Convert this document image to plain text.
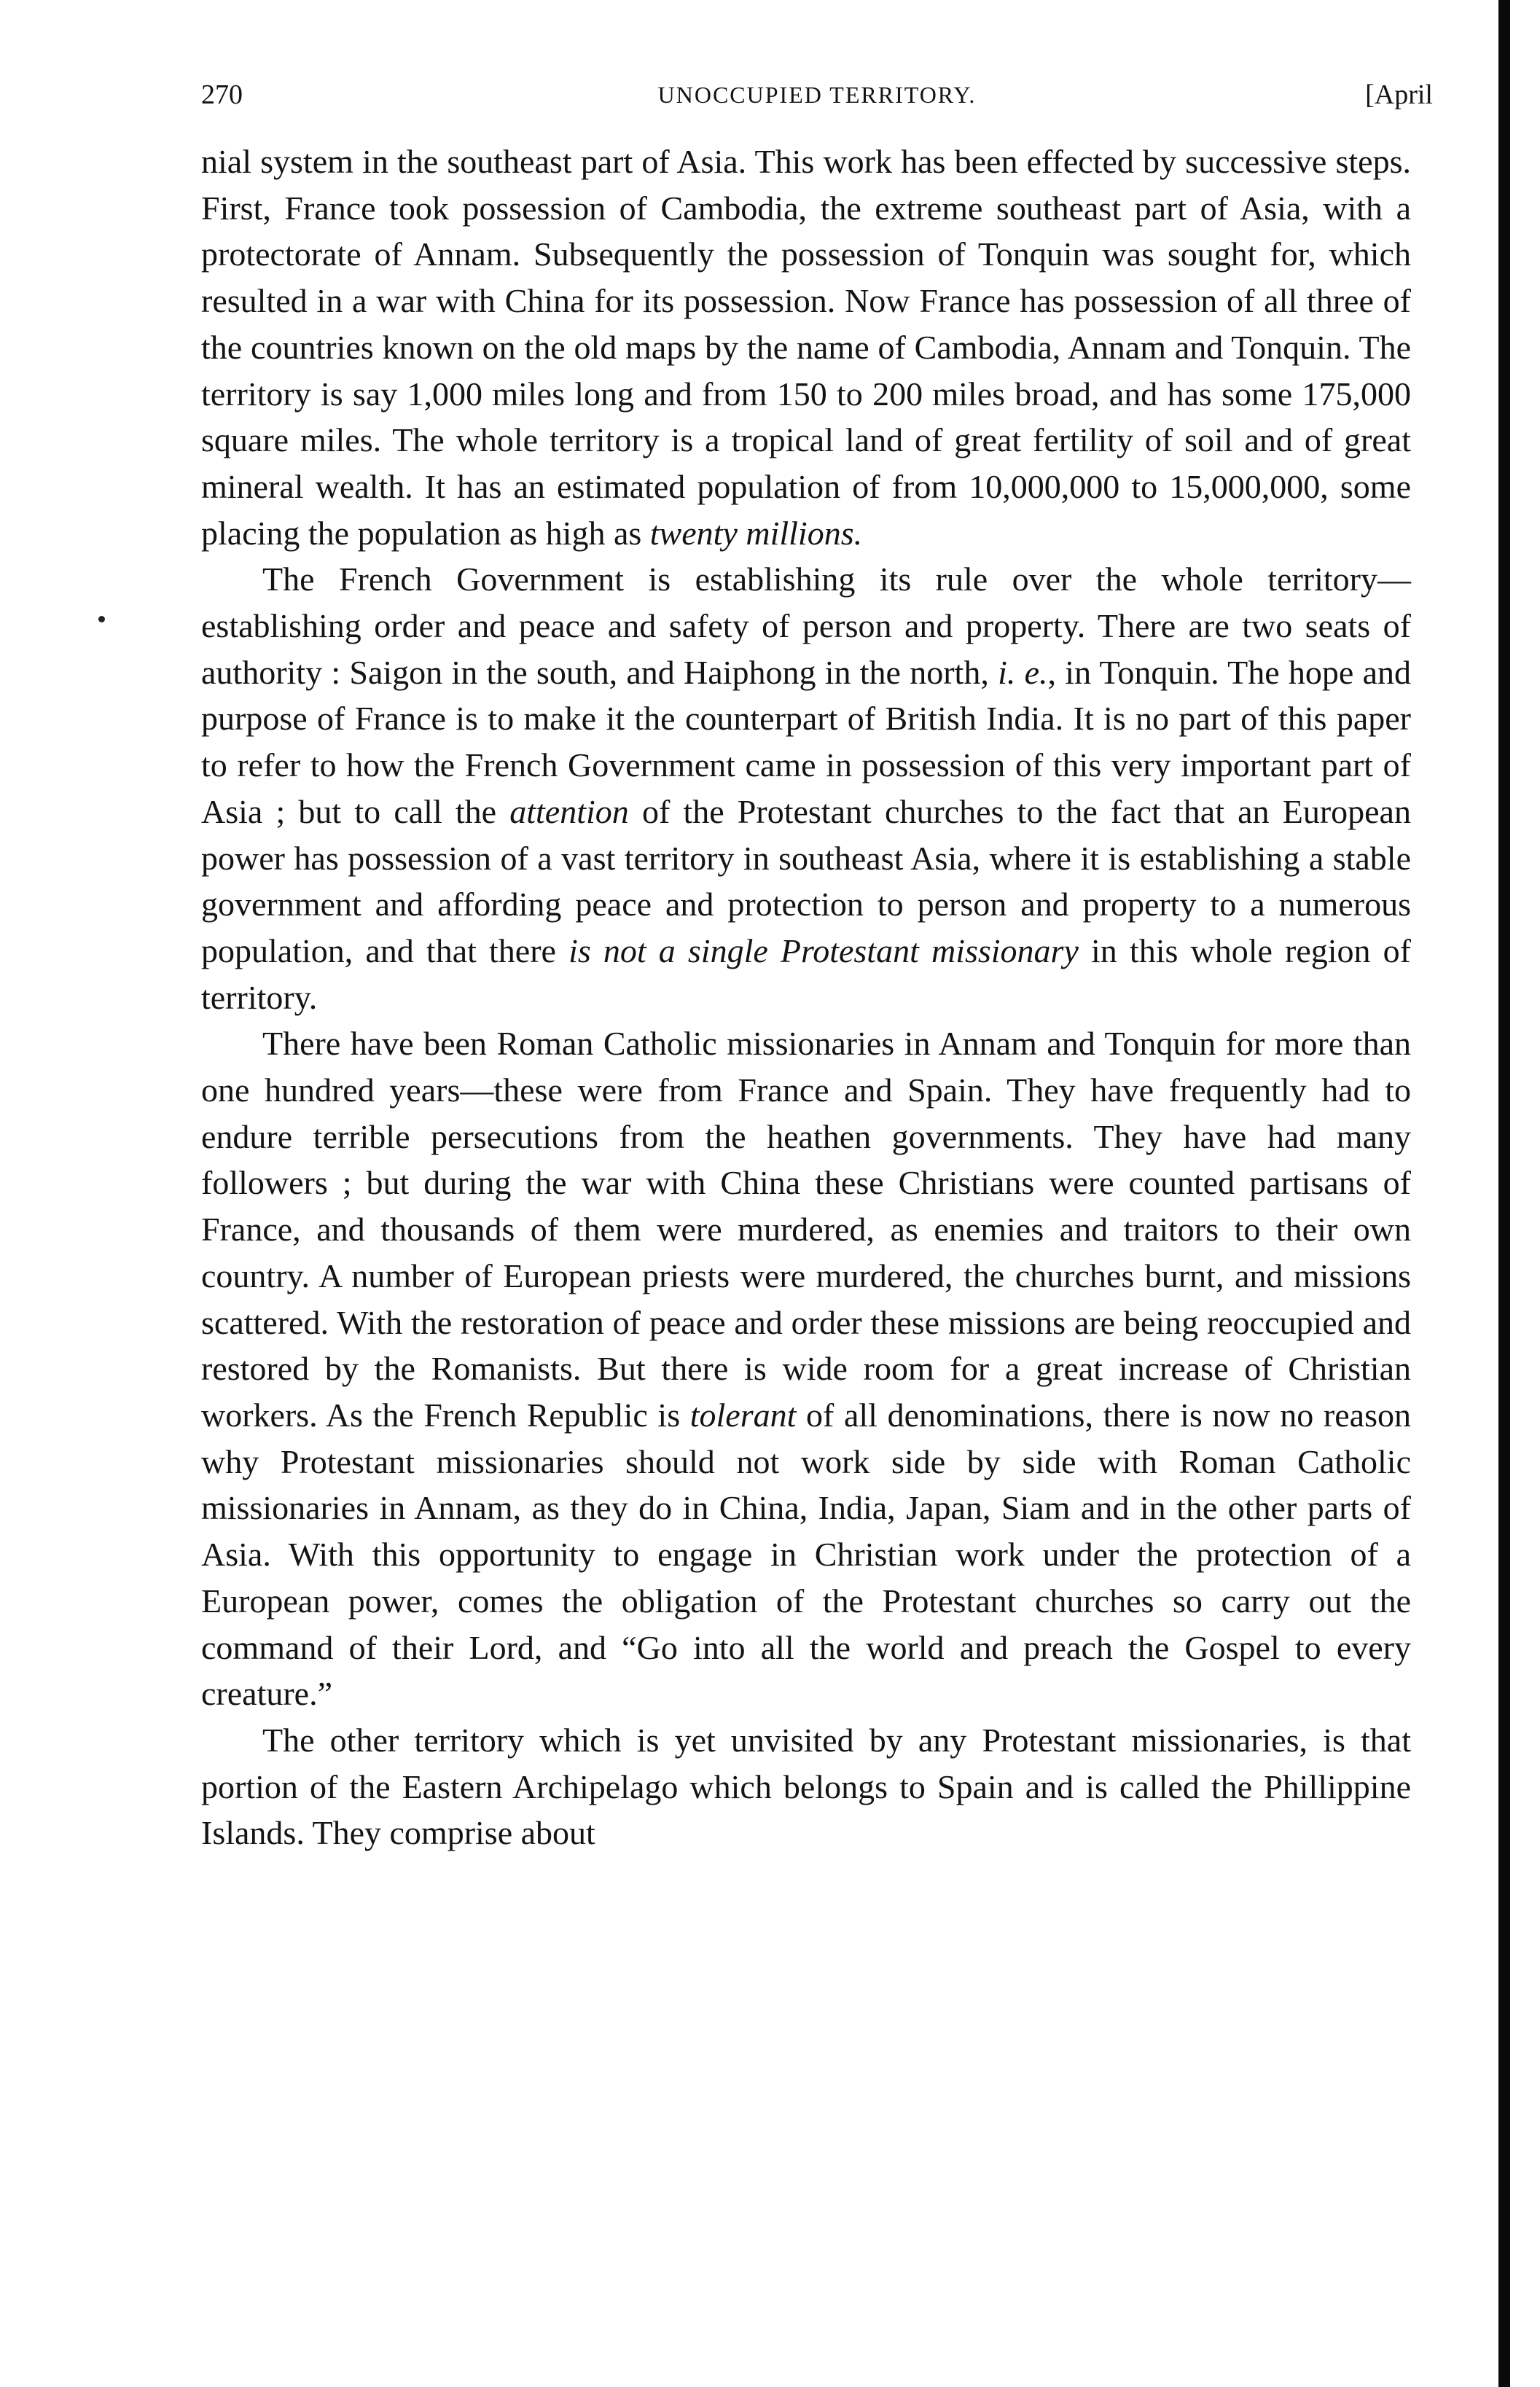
270	UNOCCUPIED TERRITORY.	[April

nial system in the southeast part of Asia. This work has been effected by successive steps. First, France took possession of Cambodia, the extreme southeast part of Asia, with a protectorate of Annam. Subsequently the possession of Tonquin was sought for, which resulted in a war with China for its possession. Now France has possession of all three of the countries known on the old maps by the name of Cambodia, Annam and Tonquin. The territory is say 1,000 miles long and from 150 to 200 miles broad, and has some 175,000 square miles. The whole territory is a tropical land of great fertility of soil and of great mineral wealth. It has an estimated population of from 10,000,000 to 15,000,000, some placing the population as high as twenty millions.

The French Government is establishing its rule over the whole territory—establishing order and peace and safety of person and property. There are two seats of authority : Saigon in the south, and Haiphong in the north, i. e., in Tonquin. The hope and purpose of France is to make it the counterpart of British India. It is no part of this paper to refer to how the French Government came in possession of this very important part of Asia ; but to call the attention of the Protestant churches to the fact that an European power has possession of a vast territory in southeast Asia, where it is establishing a stable government and affording peace and protection to person and property to a numerous population, and that there is not a single Protestant missionary in this whole region of territory.

There have been Roman Catholic missionaries in Annam and Tonquin for more than one hundred years—these were from France and Spain. They have frequently had to endure terrible persecutions from the heathen governments. They have had many followers ; but during the war with China these Christians were counted partisans of France, and thousands of them were murdered, as enemies and traitors to their own country. A number of European priests were murdered, the churches burnt, and missions scattered. With the restoration of peace and order these missions are being reoccupied and restored by the Romanists. But there is wide room for a great increase of Christian workers. As the French Republic is tolerant of all denominations, there is now no reason why Protestant missionaries should not work side by side with Roman Catholic missionaries in Annam, as they do in China, India, Japan, Siam and in the other parts of Asia. With this opportunity to engage in Christian work under the protection of a European power, comes the obligation of the Protestant churches so carry out the command of their Lord, and “Go into all the world and preach the Gospel to every creature.”

The other territory which is yet unvisited by any Protestant missionaries, is that portion of the Eastern Archipelago which belongs to Spain and is called the Phillippine Islands. They comprise about
